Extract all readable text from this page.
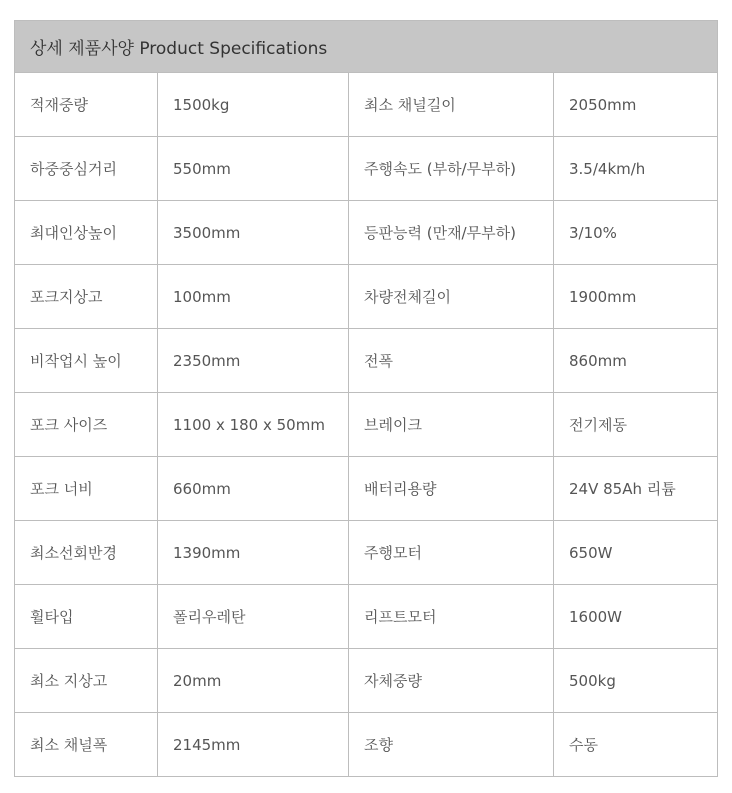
상세 제품사양 Product Specifications			
적재중량	1500kg	최소 채널길이	2050mm
하중중심거리	550mm	주행속도 (부하/무부하)	3.5/4km/h
최대인상높이	3500mm	등판능력 (만재/무부하)	3/10%
포크지상고	100mm	차량전체길이	1900mm
비작업시 높이	2350mm	전폭	860mm
포크 사이즈	1100 x 180 x 50mm	브레이크	전기제동
포크 너비	660mm	배터리용량	24V 85Ah 리튬
최소선회반경	1390mm	주행모터	650W
휠타입	폴리우레탄	리프트모터	1600W
최소 지상고	20mm	자체중량	500kg
최소 채널폭	2145mm	조향	수동
